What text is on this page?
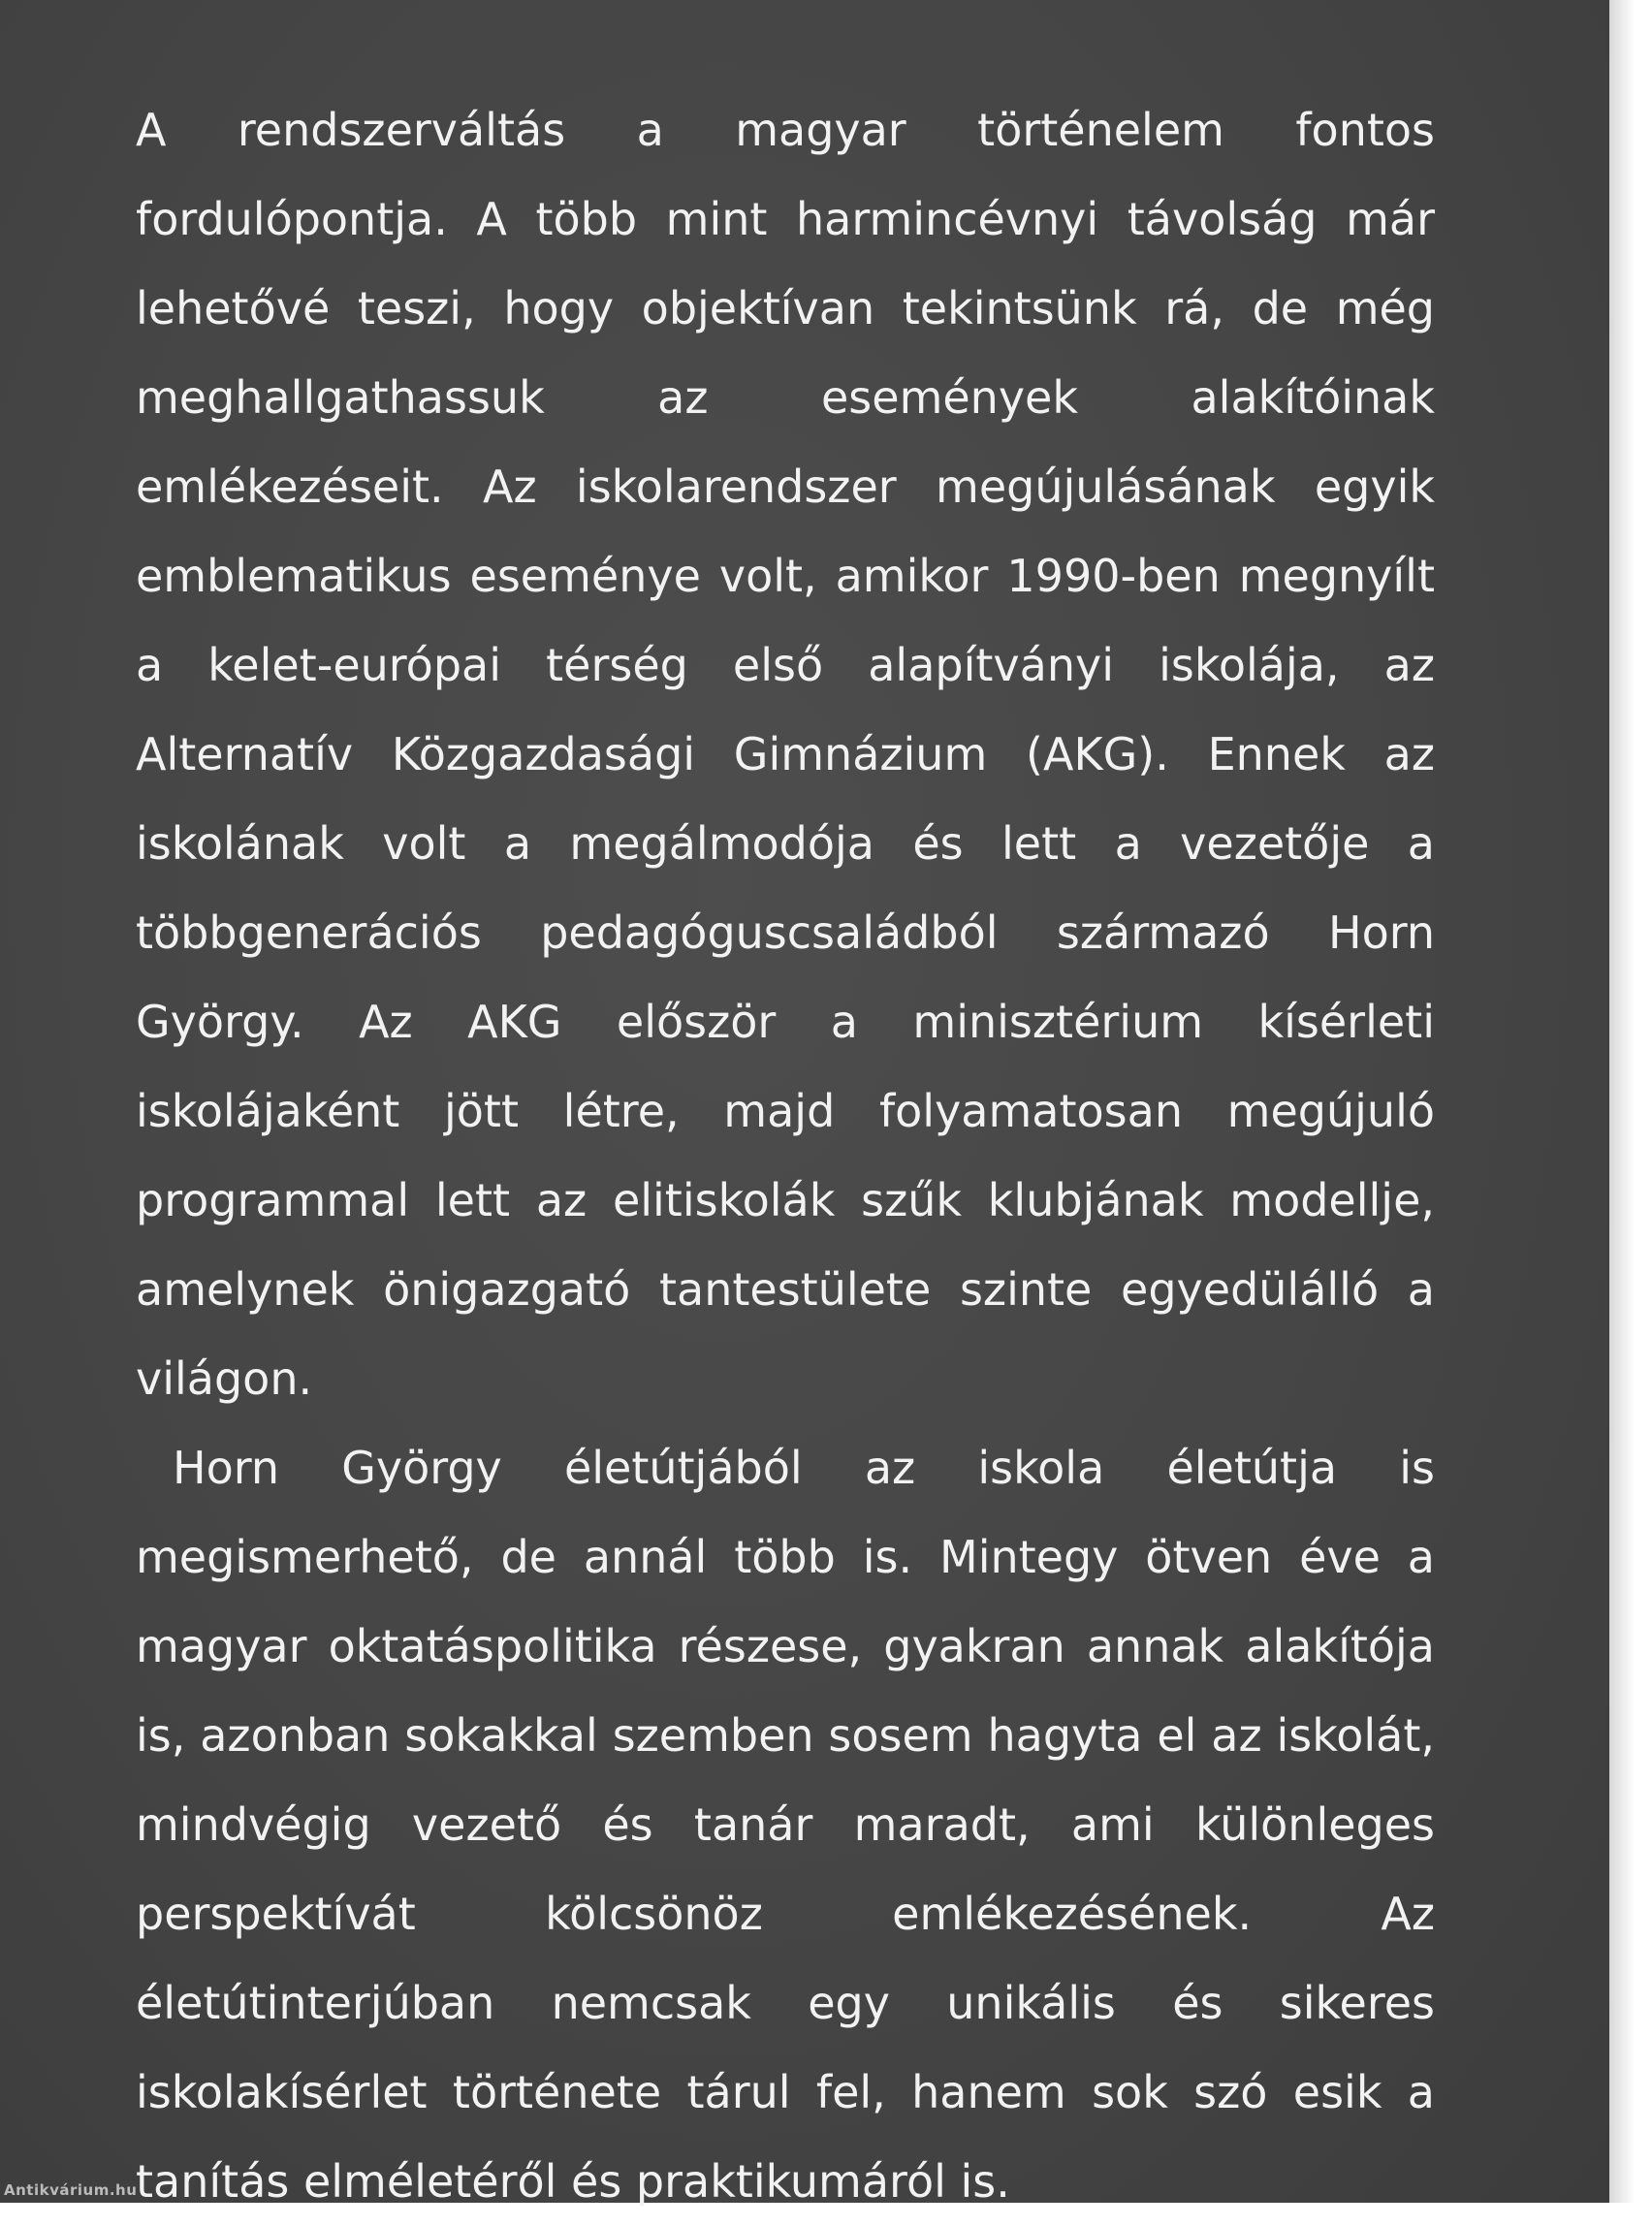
A rendszerváltás a magyar történelem fontos fordulópontja. A több mint harmincévnyi távolság már lehetővé teszi, hogy objektívan tekintsünk rá, de még meghallgathassuk az események alakítóinak emlékezéseit. Az iskolarendszer megújulásának egyik emblematikus eseménye volt, amikor 1990-ben megnyílt a kelet-európai térség első alapítványi iskolája, az Alternatív Közgazdasági Gimnázium (AKG). Ennek az iskolának volt a megálmodója és lett a vezetője a többgenerációs pedagóguscsaládból származó Horn György. Az AKG először a minisztérium kísérleti iskolájaként jött létre, majd folyamatosan megújuló programmal lett az elitiskolák szűk klubjának modellje, amelynek önigazgató tantestülete szinte egyedülálló a világon.

Horn György életútjából az iskola életútja is megismerhető, de annál több is. Mintegy ötven éve a magyar oktatáspolitika részese, gyakran annak alakítója is, azonban sokakkal szemben sosem hagyta el az iskolát, mindvégig vezető és tanár maradt, ami különleges perspektívát kölcsönöz emlékezésének. Az életútinterjúban nemcsak egy unikális és sikeres iskolakísérlet története tárul fel, hanem sok szó esik a tanítás elméletéről és praktikumáról is.

Antikvárium.hu
